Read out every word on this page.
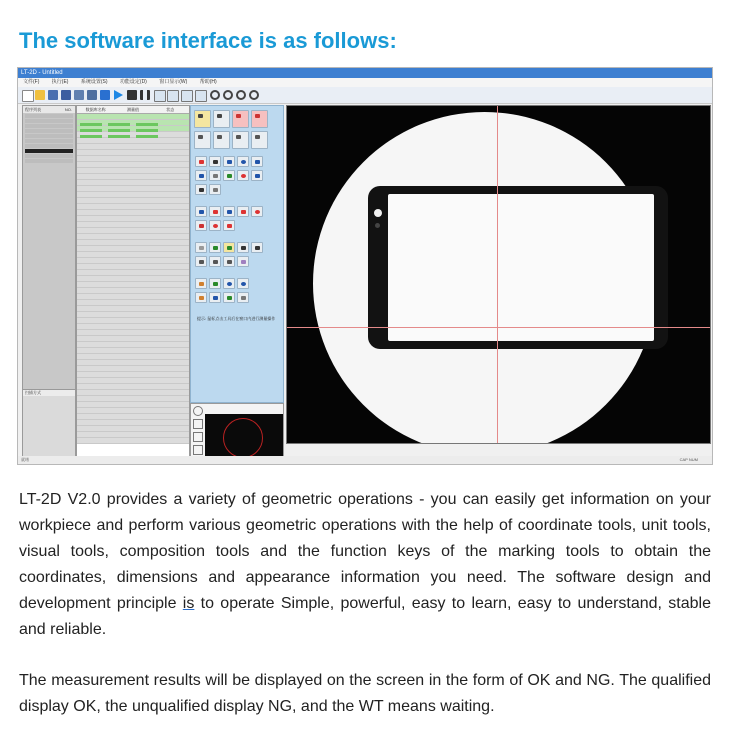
The software interface is as follows:
LT-2D - Untitled
文件(F) 执行(E) 系统设置(S) 功能设定(D) 窗口显示(W) 帮助(H)
程序列表	NO.
扫描方式
数据库名称	测量值	状态
提示: 鼠标点击工具后在窗口内进行测量操作
就绪	CAP NUM
LT-2D V2.0 provides a variety of geometric operations - you can easily get information on your workpiece and perform various geometric operations with the help of coordinate tools, unit tools, visual tools, composition tools and the function keys of the marking tools to obtain the coordinates, dimensions and appearance information you need. The software design and development principle is to operate Simple, powerful, easy to learn, easy to understand, stable and reliable.
The measurement results will be displayed on the screen in the form of OK and NG. The qualified display OK, the unqualified display NG, and the WT means waiting.
